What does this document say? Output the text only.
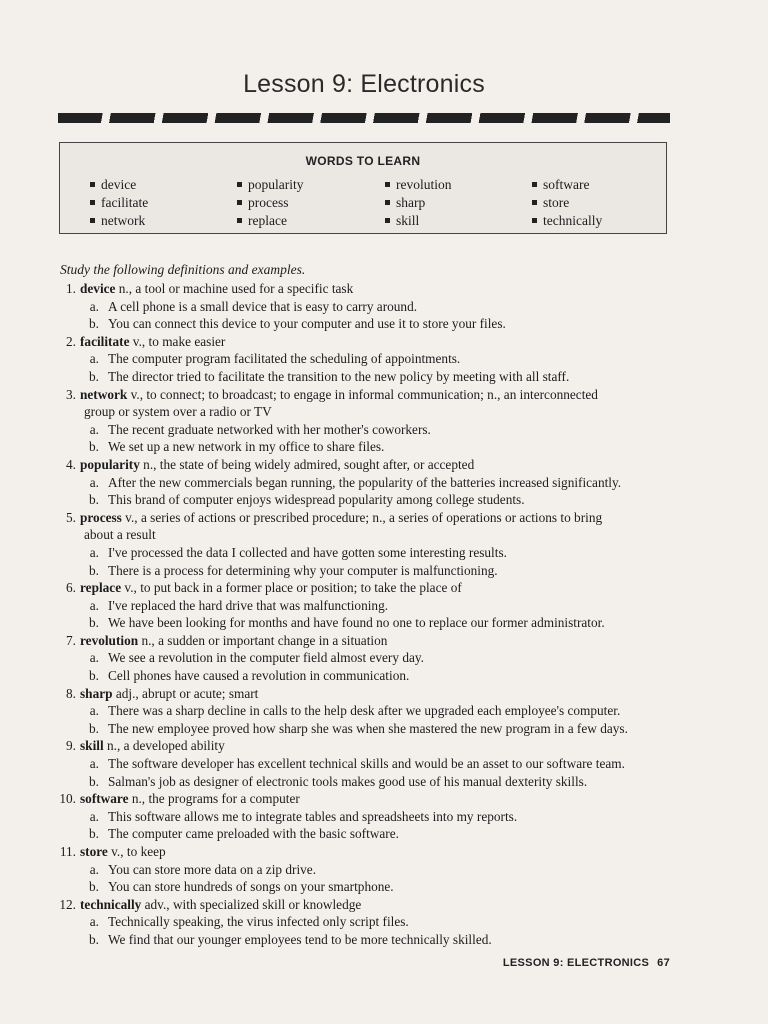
Lesson 9: Electronics
WORDS TO LEARN
device
facilitate
network
popularity
process
replace
revolution
sharp
skill
software
store
technically
Study the following definitions and examples.
1. device n., a tool or machine used for a specific task
a. A cell phone is a small device that is easy to carry around.
b. You can connect this device to your computer and use it to store your files.
2. facilitate v., to make easier
a. The computer program facilitated the scheduling of appointments.
b. The director tried to facilitate the transition to the new policy by meeting with all staff.
3. network v., to connect; to broadcast; to engage in informal communication; n., an interconnected
group or system over a radio or TV
a. The recent graduate networked with her mother's coworkers.
b. We set up a new network in my office to share files.
4. popularity n., the state of being widely admired, sought after, or accepted
a. After the new commercials began running, the popularity of the batteries increased significantly.
b. This brand of computer enjoys widespread popularity among college students.
5. process v., a series of actions or prescribed procedure; n., a series of operations or actions to bring
about a result
a. I've processed the data I collected and have gotten some interesting results.
b. There is a process for determining why your computer is malfunctioning.
6. replace v., to put back in a former place or position; to take the place of
a. I've replaced the hard drive that was malfunctioning.
b. We have been looking for months and have found no one to replace our former administrator.
7. revolution n., a sudden or important change in a situation
a. We see a revolution in the computer field almost every day.
b. Cell phones have caused a revolution in communication.
8. sharp adj., abrupt or acute; smart
a. There was a sharp decline in calls to the help desk after we upgraded each employee's computer.
b. The new employee proved how sharp she was when she mastered the new program in a few days.
9. skill n., a developed ability
a. The software developer has excellent technical skills and would be an asset to our software team.
b. Salman's job as designer of electronic tools makes good use of his manual dexterity skills.
10. software n., the programs for a computer
a. This software allows me to integrate tables and spreadsheets into my reports.
b. The computer came preloaded with the basic software.
11. store v., to keep
a. You can store more data on a zip drive.
b. You can store hundreds of songs on your smartphone.
12. technically adv., with specialized skill or knowledge
a. Technically speaking, the virus infected only script files.
b. We find that our younger employees tend to be more technically skilled.
LESSON 9: ELECTRONICS 67
